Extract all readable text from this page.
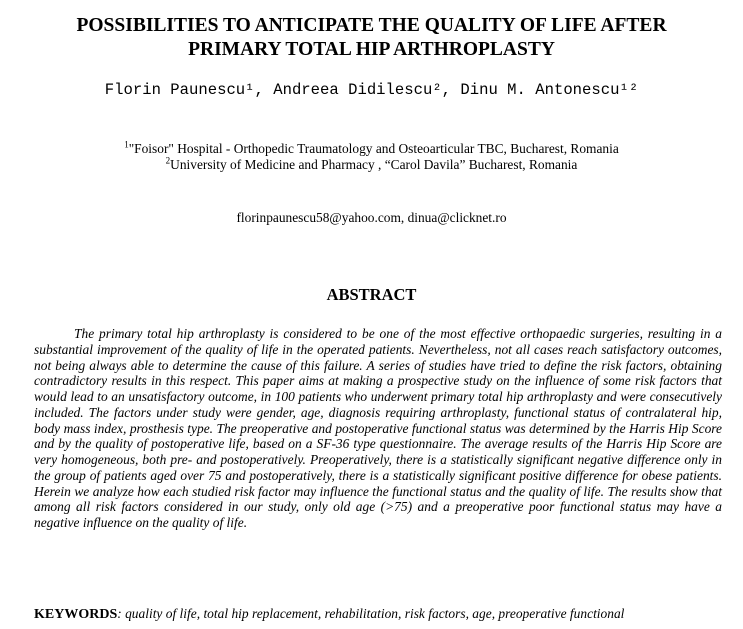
POSSIBILITIES TO ANTICIPATE THE QUALITY OF LIFE AFTER
PRIMARY TOTAL HIP ARTHROPLASTY
Florin Paunescu¹, Andreea Didilescu², Dinu M. Antonescu¹²
$^1$"Foisor" Hospital - Orthopedic Traumatology and Osteoarticular TBC, Bucharest, Romania
$^2$University of Medicine and Pharmacy , “Carol Davila” Bucharest, Romania
florinpaunescu58@yahoo.com, dinua@clicknet.ro
ABSTRACT
The primary total hip arthroplasty is considered to be one of the most effective orthopaedic surgeries, resulting in a substantial improvement of the quality of life in the operated patients. Nevertheless, not all cases reach satisfactory outcomes, not being always able to determine the cause of this failure. A series of studies have tried to define the risk factors, obtaining contradictory results in this respect. This paper aims at making a prospective study on the influence of some risk factors that would lead to an unsatisfactory outcome, in 100 patients who underwent primary total hip arthroplasty and were consecutively included. The factors under study were gender, age, diagnosis requiring arthroplasty, functional status of contralateral hip, body mass index, prosthesis type. The preoperative and postoperative functional status was determined by the Harris Hip Score and by the quality of postoperative life, based on a SF-36 type questionnaire. The average results of the Harris Hip Score are very homogeneous, both pre- and postoperatively. Preoperatively, there is a statistically significant negative difference only in the group of patients aged over 75 and postoperatively, there is a statistically significant positive difference for obese patients. Herein we analyze how each studied risk factor may influence the functional status and the quality of life. The results show that among all risk factors considered in our study, only old age (>75) and a preoperative poor functional status may have a negative influence on the quality of life.
KEYWORDS: quality of life, total hip replacement, rehabilitation, risk factors, age, preoperative functional
